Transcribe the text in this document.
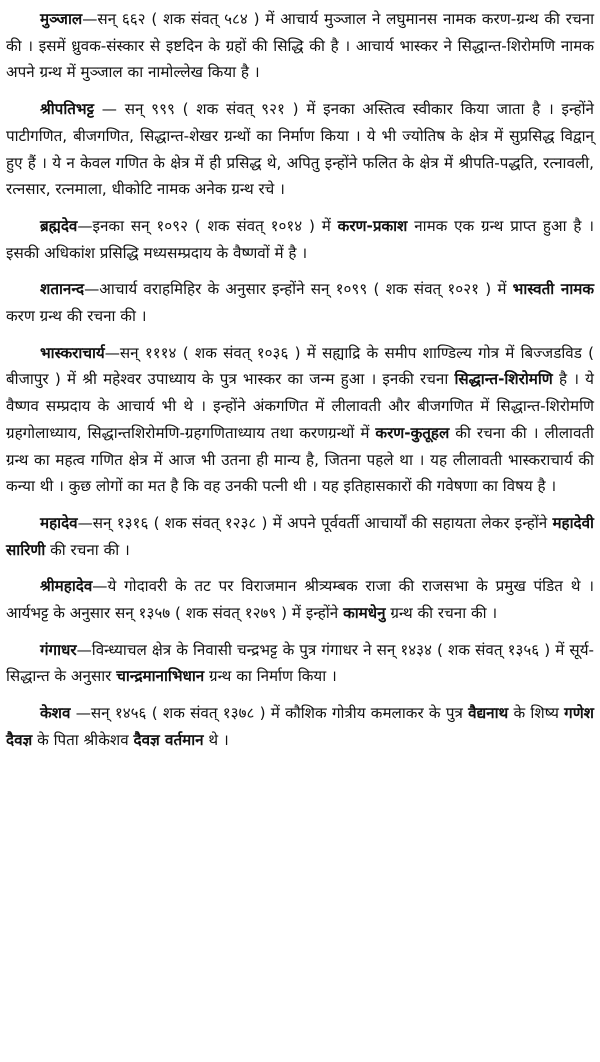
मुञ्जाल—सन् ६६२ ( शक संवत् ५८४ ) में आचार्य मुञ्जाल ने लघुमानस नामक करण-ग्रन्थ की रचना की । इसमें ध्रुवक-संस्कार से इष्टदिन के ग्रहों की सिद्धि की है । आचार्य भास्कर ने सिद्धान्त-शिरोमणि नामक अपने ग्रन्थ में मुञ्जाल का नामोल्लेख किया है ।

श्रीपतिभट्ट — सन् ९९९ ( शक संवत् ९२१ ) में इनका अस्तित्व स्वीकार किया जाता है । इन्होंने पाटीगणित, बीजगणित, सिद्धान्त-शेखर ग्रन्थों का निर्माण किया । ये भी ज्योतिष के क्षेत्र में सुप्रसिद्ध विद्वान् हुए हैं । ये न केवल गणित के क्षेत्र में ही प्रसिद्ध थे, अपितु इन्होंने फलित के क्षेत्र में श्रीपति-पद्धति, रत्नावली, रत्नसार, रत्नमाला, धीकोटि नामक अनेक ग्रन्थ रचे ।

ब्रह्मदेव—इनका सन् १०९२ ( शक संवत् १०१४ ) में करण-प्रकाश नामक एक ग्रन्थ प्राप्त हुआ है । इसकी अधिकांश प्रसिद्धि मध्यसम्प्रदाय के वैष्णवों में है ।

शतानन्द—आचार्य वराहमिहिर के अनुसार इन्होंने सन् १०९९ ( शक संवत् १०२१ ) में भास्वती नामक करण ग्रन्थ की रचना की ।

भास्कराचार्य—सन् १११४ ( शक संवत् १०३६ ) में सह्याद्रि के समीप शाण्डिल्य गोत्र में बिज्जडविड ( बीजापुर ) में श्री महेश्वर उपाध्याय के पुत्र भास्कर का जन्म हुआ । इनकी रचना सिद्धान्त-शिरोमणि है । ये वैष्णव सम्प्रदाय के आचार्य भी थे । इन्होंने अंकगणित में लीलावती और बीजगणित में सिद्धान्त-शिरोमणि ग्रहगोलाध्याय, सिद्धान्तशिरोमणि-ग्रहगणिताध्याय तथा करणग्रन्थों में करण-कुतूहल की रचना की । लीलावती ग्रन्थ का महत्व गणित क्षेत्र में आज भी उतना ही मान्य है, जितना पहले था । यह लीलावती भास्कराचार्य की कन्या थी । कुछ लोगों का मत है कि वह उनकी पत्नी थी । यह इतिहासकारों की गवेषणा का विषय है ।

महादेव—सन् १३१६ ( शक संवत् १२३८ ) में अपने पूर्ववर्ती आचार्यों की सहायता लेकर इन्होंने महादेवी सारिणी की रचना की ।

श्रीमहादेव—ये गोदावरी के तट पर विराजमान श्रीत्र्यम्बक राजा की राजसभा के प्रमुख पंडित थे । आर्यभट्ट के अनुसार सन् १३५७ ( शक संवत् १२७९ ) में इन्होंने कामधेनु ग्रन्थ की रचना की ।

गंगाधर—विन्ध्याचल क्षेत्र के निवासी चन्द्रभट्ट के पुत्र गंगाधर ने सन् १४३४ ( शक संवत् १३५६ ) में सूर्य-सिद्धान्त के अनुसार चान्द्रमानाभिधान ग्रन्थ का निर्माण किया ।

केशव —सन् १४५६ ( शक संवत् १३७८ ) में कौशिक गोत्रीय कमलाकर के पुत्र वैद्यनाथ के शिष्य गणेश दैवज्ञ के पिता श्रीकेशव दैवज्ञ वर्तमान थे ।
